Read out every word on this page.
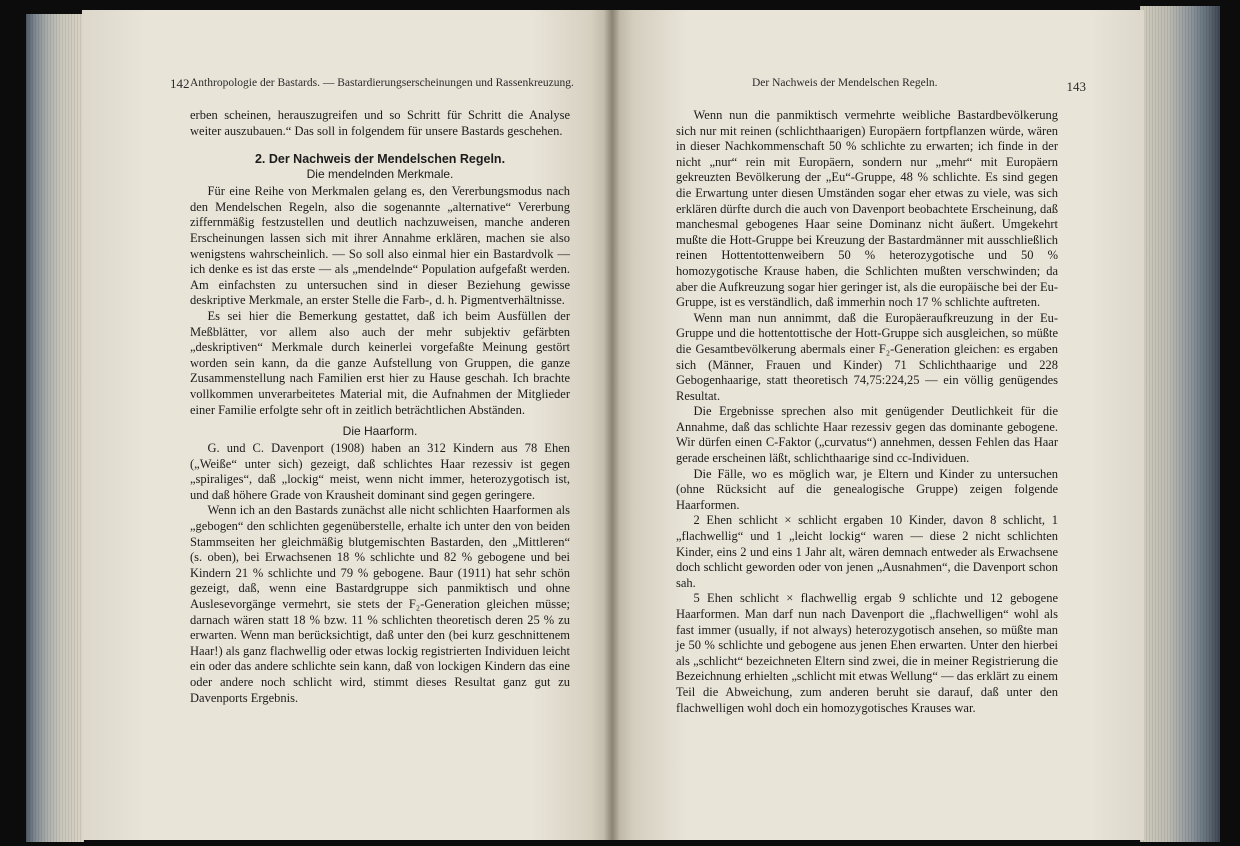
142 Anthropologie der Bastards. — Bastardierungserscheinungen und Rassenkreuzung.

erben scheinen, herauszugreifen und so Schritt für Schritt die Analyse weiter auszubauen.“ Das soll in folgendem für unsere Bastards geschehen.

2. Der Nachweis der Mendelschen Regeln.
Die mendelnden Merkmale.

Für eine Reihe von Merkmalen gelang es, den Vererbungsmodus nach den Mendelschen Regeln, also die sogenannte „alternative“ Vererbung ziffernmäßig festzustellen und deutlich nachzuweisen, manche anderen Erscheinungen lassen sich mit ihrer Annahme erklären, machen sie also wenigstens wahrscheinlich. — So soll also einmal hier ein Bastardvolk — ich denke es ist das erste — als „mendelnde“ Population aufgefaßt werden. Am einfachsten zu untersuchen sind in dieser Beziehung gewisse deskriptive Merkmale, an erster Stelle die Farb-, d. h. Pigmentverhältnisse.

Es sei hier die Bemerkung gestattet, daß ich beim Ausfüllen der Meßblätter, vor allem also auch der mehr subjektiv gefärbten „deskriptiven“ Merkmale durch keinerlei vorgefaßte Meinung gestört worden sein kann, da die ganze Aufstellung von Gruppen, die ganze Zusammenstellung nach Familien erst hier zu Hause geschah. Ich brachte vollkommen unverarbeitetes Material mit, die Aufnahmen der Mitglieder einer Familie erfolgte sehr oft in zeitlich beträchtlichen Abständen.

Die Haarform.

G. und C. Davenport (1908) haben an 312 Kindern aus 78 Ehen („Weiße“ unter sich) gezeigt, daß schlichtes Haar rezessiv ist gegen „spiraliges“, daß „lockig“ meist, wenn nicht immer, heterozygotisch ist, und daß höhere Grade von Krausheit dominant sind gegen geringere.

Wenn ich an den Bastards zunächst alle nicht schlichten Haarformen als „gebogen“ den schlichten gegenüberstelle, erhalte ich unter den von beiden Stammseiten her gleichmäßig blutgemischten Bastarden, den „Mittleren“ (s. oben), bei Erwachsenen 18 % schlichte und 82 % gebogene und bei Kindern 21 % schlichte und 79 % gebogene. Baur (1911) hat sehr schön gezeigt, daß, wenn eine Bastardgruppe sich panmiktisch und ohne Auslesevorgänge vermehrt, sie stets der F₂-Generation gleichen müsse; darnach wären statt 18 % bzw. 11 % schlichten theoretisch deren 25 % zu erwarten. Wenn man berücksichtigt, daß unter den (bei kurz geschnittenem Haar!) als ganz flachwellig oder etwas lockig registrierten Individuen leicht ein oder das andere schlichte sein kann, daß von lockigen Kindern das eine oder andere noch schlicht wird, stimmt dieses Resultat ganz gut zu Davenports Ergebnis.

Der Nachweis der Mendelschen Regeln.	143

Wenn nun die panmiktisch vermehrte weibliche Bastardbevölkerung sich nur mit reinen (schlichthaarigen) Europäern fortpflanzen würde, wären in dieser Nachkommenschaft 50 % schlichte zu erwarten; ich finde in der nicht „nur“ rein mit Europäern, sondern nur „mehr“ mit Europäern gekreuzten Bevölkerung der „Eu“-Gruppe, 48 % schlichte. Es sind gegen die Erwartung unter diesen Umständen sogar eher etwas zu viele, was sich erklären dürfte durch die auch von Davenport beobachtete Erscheinung, daß manchesmal gebogenes Haar seine Dominanz nicht äußert. Umgekehrt mußte die Hott-Gruppe bei Kreuzung der Bastardmänner mit ausschließlich reinen Hottentottenweibern 50 % heterozygotische und 50 % homozygotische Krause haben, die Schlichten mußten verschwinden; da aber die Aufkreuzung sogar hier geringer ist, als die europäische bei der Eu-Gruppe, ist es verständlich, daß immerhin noch 17 % schlichte auftreten.

Wenn man nun annimmt, daß die Europäeraufkreuzung in der Eu-Gruppe und die hottentottische der Hott-Gruppe sich ausgleichen, so müßte die Gesamtbevölkerung abermals einer F₂-Generation gleichen: es ergaben sich (Männer, Frauen und Kinder) 71 Schlichthaarige und 228 Gebogenhaarige, statt theoretisch 74,75:224,25 — ein völlig genügendes Resultat.

Die Ergebnisse sprechen also mit genügender Deutlichkeit für die Annahme, daß das schlichte Haar rezessiv gegen das dominante gebogene. Wir dürfen einen C-Faktor („curvatus“) annehmen, dessen Fehlen das Haar gerade erscheinen läßt, schlichthaarige sind cc-Individuen.

Die Fälle, wo es möglich war, je Eltern und Kinder zu untersuchen (ohne Rücksicht auf die genealogische Gruppe) zeigen folgende Haarformen.

2 Ehen schlicht × schlicht ergaben 10 Kinder, davon 8 schlicht, 1 „flachwellig“ und 1 „leicht lockig“ waren — diese 2 nicht schlichten Kinder, eins 2 und eins 1 Jahr alt, wären demnach entweder als Erwachsene doch schlicht geworden oder von jenen „Ausnahmen“, die Davenport schon sah.

5 Ehen schlicht × flachwellig ergab 9 schlichte und 12 gebogene Haarformen. Man darf nun nach Davenport die „flachwelligen“ wohl als fast immer (usually, if not always) heterozygotisch ansehen, so müßte man je 50 % schlichte und gebogene aus jenen Ehen erwarten. Unter den hierbei als „schlicht“ bezeichneten Eltern sind zwei, die in meiner Registrierung die Bezeichnung erhielten „schlicht mit etwas Wellung“ — das erklärt zu einem Teil die Abweichung, zum anderen beruht sie darauf, daß unter den flachwelligen wohl doch ein homozygotisches Krauses war.
